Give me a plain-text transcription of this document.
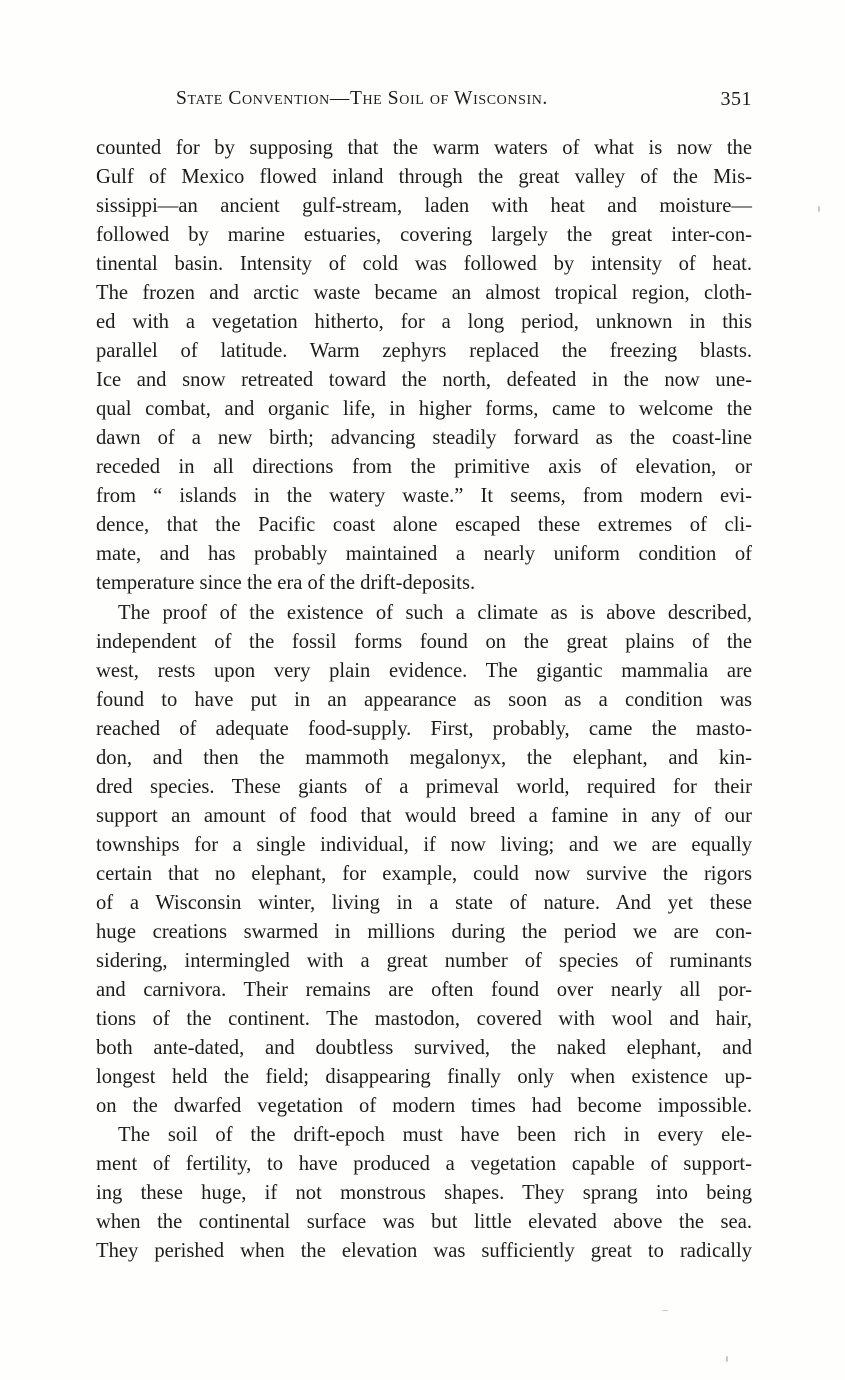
State Convention—The Soil of Wisconsin.	351
counted for by supposing that the warm waters of what is now the
Gulf of Mexico flowed inland through the great valley of the Mis-
sissippi—an ancient gulf-stream, laden with heat and moisture—
followed by marine estuaries, covering largely the great inter-con-
tinental basin. Intensity of cold was followed by intensity of heat.
The frozen and arctic waste became an almost tropical region, cloth-
ed with a vegetation hitherto, for a long period, unknown in this
parallel of latitude. Warm zephyrs replaced the freezing blasts.
Ice and snow retreated toward the north, defeated in the now une-
qual combat, and organic life, in higher forms, came to welcome the
dawn of a new birth; advancing steadily forward as the coast-line
receded in all directions from the primitive axis of elevation, or
from “ islands in the watery waste.” It seems, from modern evi-
dence, that the Pacific coast alone escaped these extremes of cli-
mate, and has probably maintained a nearly uniform condition of
temperature since the era of the drift-deposits.
The proof of the existence of such a climate as is above described,
independent of the fossil forms found on the great plains of the
west, rests upon very plain evidence. The gigantic mammalia are
found to have put in an appearance as soon as a condition was
reached of adequate food-supply. First, probably, came the masto-
don, and then the mammoth megalonyx, the elephant, and kin-
dred species. These giants of a primeval world, required for their
support an amount of food that would breed a famine in any of our
townships for a single individual, if now living; and we are equally
certain that no elephant, for example, could now survive the rigors
of a Wisconsin winter, living in a state of nature. And yet these
huge creations swarmed in millions during the period we are con-
sidering, intermingled with a great number of species of ruminants
and carnivora. Their remains are often found over nearly all por-
tions of the continent. The mastodon, covered with wool and hair,
both ante-dated, and doubtless survived, the naked elephant, and
longest held the field; disappearing finally only when existence up-
on the dwarfed vegetation of modern times had become impossible.
The soil of the drift-epoch must have been rich in every ele-
ment of fertility, to have produced a vegetation capable of support-
ing these huge, if not monstrous shapes. They sprang into being
when the continental surface was but little elevated above the sea.
They perished when the elevation was sufficiently great to radically
